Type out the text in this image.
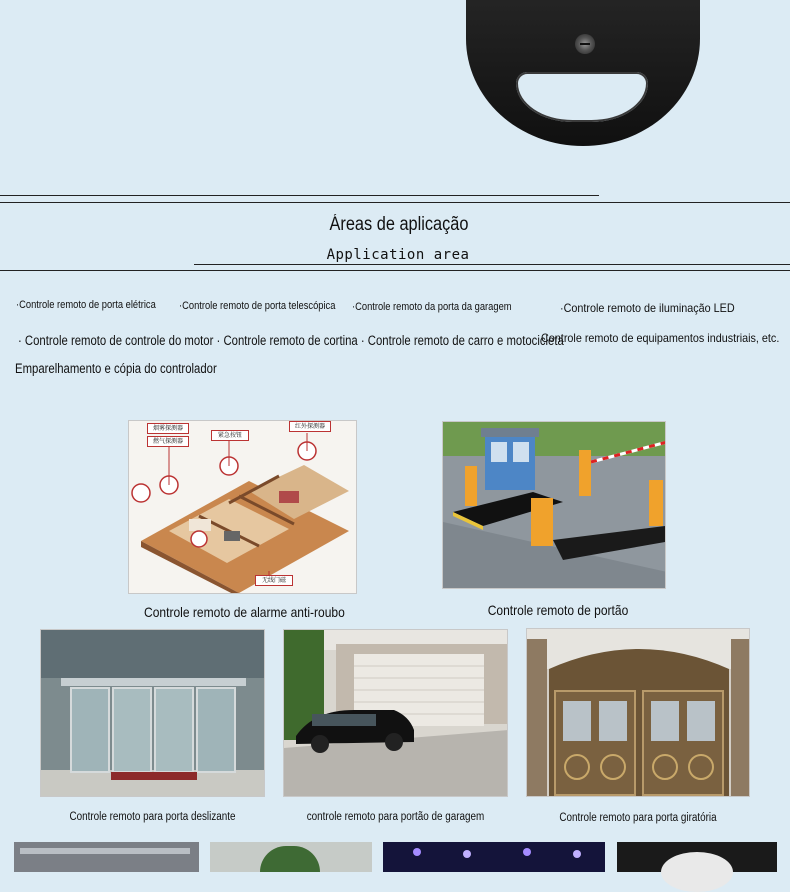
Áreas de aplicação
Application area
·Controle remoto de porta elétrica ·Controle remoto de porta telescópica ·Controle remoto da porta da garagem	·Controle remoto de iluminação LED
· Controle remoto de controle do motor · Controle remoto de cortina · Controle remoto de carro e motocicleta
Controle remoto de equipamentos industriais, etc.
Emparelhamento e cópia do controlador
烟雾探测器
燃气探测器
紧急按钮
红外探测器
无线门磁
Controle remoto de alarme anti-roubo	Controle remoto de portão
Controle remoto para porta deslizante	controle remoto para portão de garagem	Controle remoto para porta giratória
